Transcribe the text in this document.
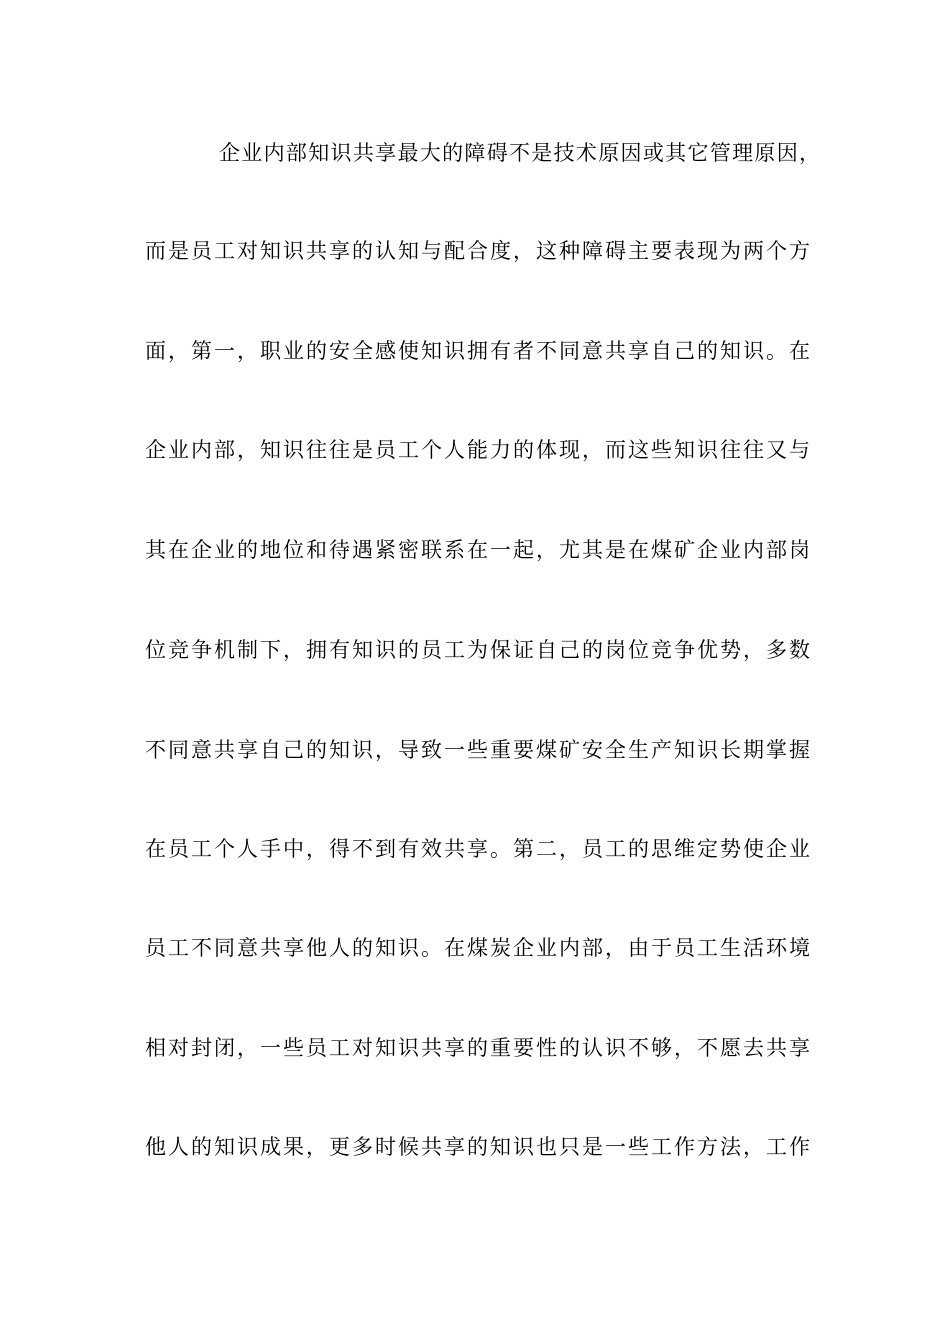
企业内部知识共享最大的障碍不是技术原因或其它管理原因，
而是员工对知识共享的认知与配合度，这种障碍主要表现为两个方
面，第一，职业的安全感使知识拥有者不同意共享自己的知识。在
企业内部，知识往往是员工个人能力的体现，而这些知识往往又与
其在企业的地位和待遇紧密联系在一起，尤其是在煤矿企业内部岗
位竞争机制下，拥有知识的员工为保证自己的岗位竞争优势，多数
不同意共享自己的知识，导致一些重要煤矿安全生产知识长期掌握
在员工个人手中，得不到有效共享。第二，员工的思维定势使企业
员工不同意共享他人的知识。在煤炭企业内部，由于员工生活环境
相对封闭，一些员工对知识共享的重要性的认识不够，不愿去共享
他人的知识成果，更多时候共享的知识也只是一些工作方法，工作
